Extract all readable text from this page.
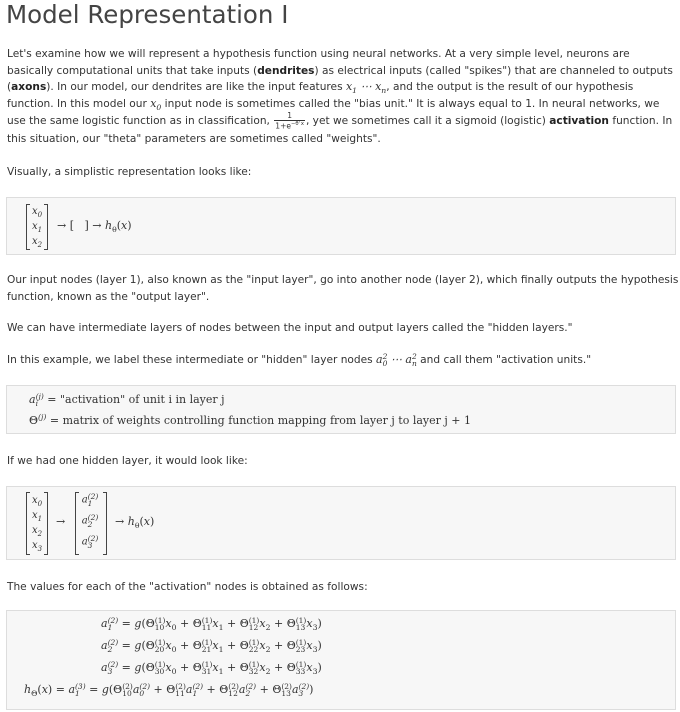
Model Representation I

Let's examine how we will represent a hypothesis function using neural networks. At a very simple level, neurons are basically computational units that take inputs (dendrites) as electrical inputs (called "spikes") that are channeled to outputs (axons). In our model, our dendrites are like the input features $x_1$ ⋯ $x_n$, and the output is the result of our hypothesis function. In this model our $x_0$ input node is sometimes called the "bias unit." It is always equal to 1. In neural networks, we use the same logistic function as in classification, $\frac{1}{1+e^{-\theta^Tx}}$ , yet we sometimes call it a sigmoid (logistic) activation function. In this situation, our "theta" parameters are sometimes called "weights".

Visually, a simplistic representation looks like:

$x_0$
$x_1$
$x_2$
→ [   ] → $h_\theta(x)$

Our input nodes (layer 1), also known as the "input layer", go into another node (layer 2), which finally outputs the hypothesis function, known as the "output layer".

We can have intermediate layers of nodes between the input and output layers called the "hidden layers."

In this example, we label these intermediate or "hidden" layer nodes a 2
0 ⋯ a 2
n and call them "activation units."

a (j)
i = "activation" of unit i in layer j
$\Theta^{(j)}$ = matrix of weights controlling function mapping from layer j to layer j + 1

If we had one hidden layer, it would look like:

$x_0$
$x_1$
$x_2$
$x_3$
→
a (2)
1
a (2)
2
a (2)
3
→ $h_\theta(x)$

The values for each of the "activation" nodes is obtained as follows:

a (2)
1 = g(Θ (1)
10 $x_0 + \Theta$ (1)
11 $x_1 + \Theta$ (1)
12 $x_2 + \Theta$ (1)
13 $x_3$)
a (2)
2 = g(Θ (1)
20 $x_0 + \Theta$ (1)
21 $x_1 + \Theta$ (1)
22 $x_2 + \Theta$ (1)
23 $x_3$)
a (2)
3 = g(Θ (1)
30 $x_0 + \Theta$ (1)
31 $x_1 + \Theta$ (1)
32 $x_2 + \Theta$ (1)
33 $x_3$)
$h_\Theta(x) = a$ (3)
1 = g(Θ (2)
10 a (2)
0 + Θ (2)
11 a (2)
1 + Θ (2)
12 a (2)
2 + Θ (2)
13 a (2)
3 )
